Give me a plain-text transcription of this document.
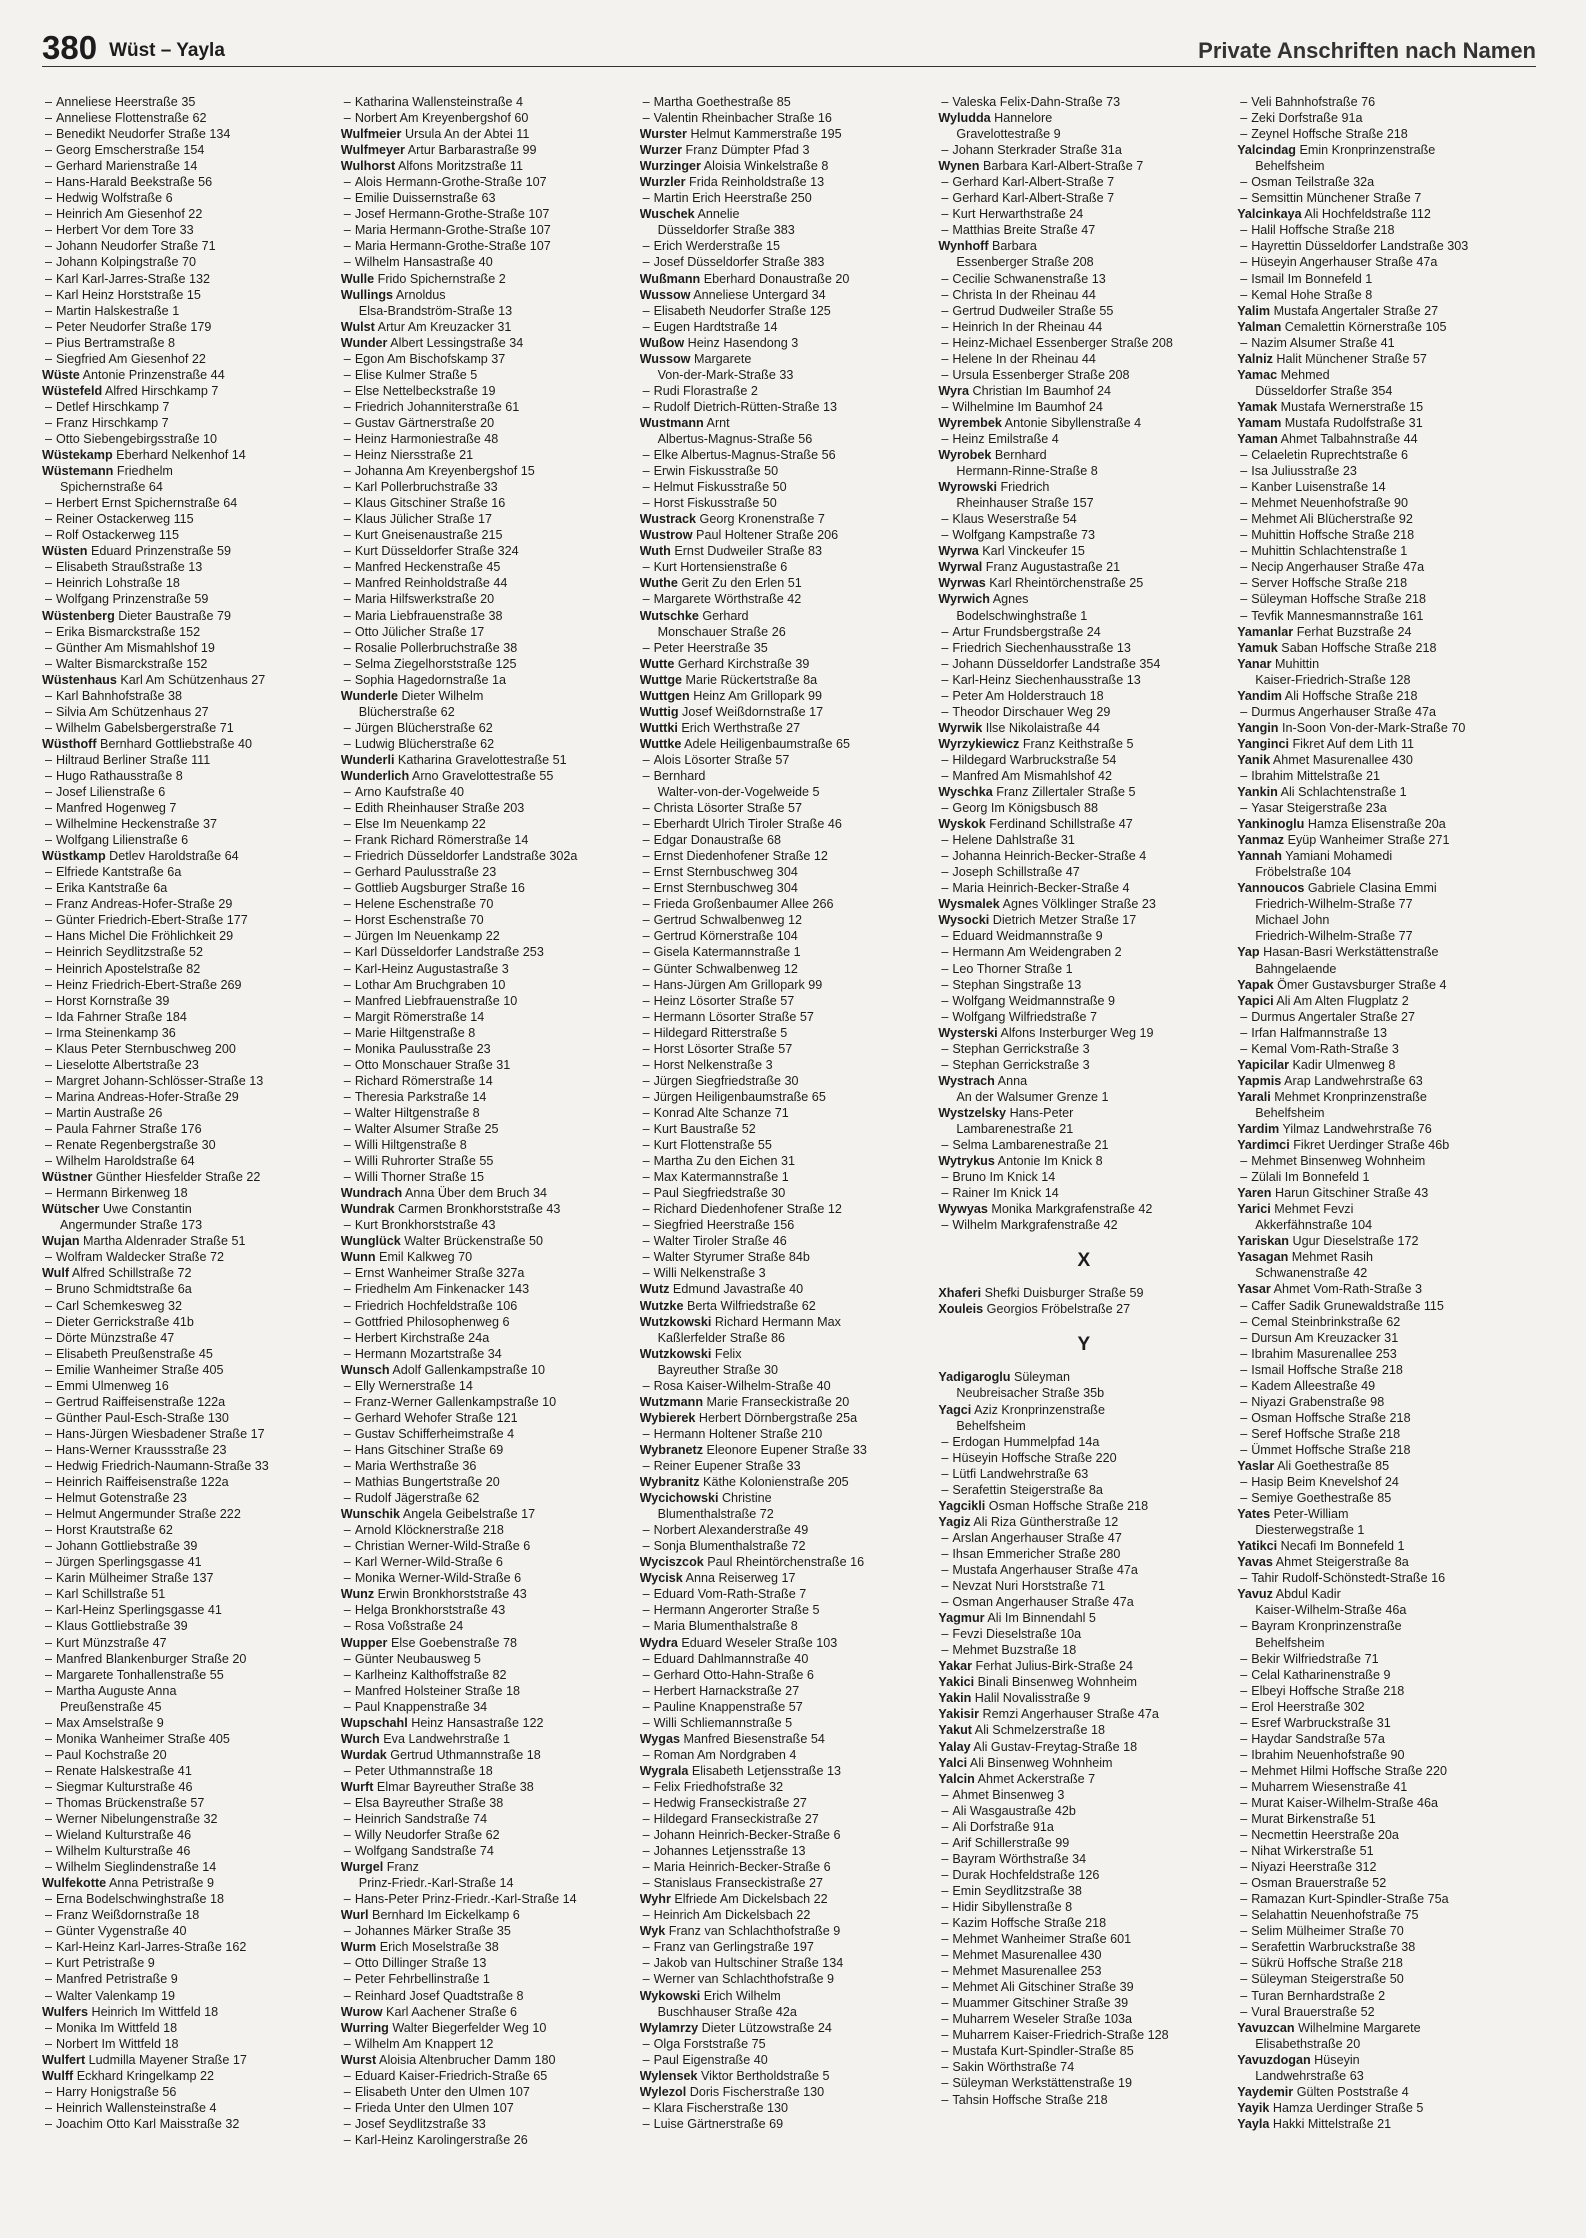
380 Wüst – Yayla	Private Anschriften nach Namen
– Anneliese Heerstraße 35
– Anneliese Flottenstraße 62
– Benedikt Neudorfer Straße 134
– Georg Emscherstraße 154
– Gerhard Marienstraße 14
– Hans-Harald Beekstraße 56
– Hedwig Wolfstraße 6
– Heinrich Am Giesenhof 22
– Herbert Vor dem Tore 33
– Johann Neudorfer Straße 71
– Johann Kolpingstraße 70
– Karl Karl-Jarres-Straße 132
– Karl Heinz Horststraße 15
– Martin Halskestraße 1
– Peter Neudorfer Straße 179
– Pius Bertramstraße 8
– Siegfried Am Giesenhof 22
Wüste Antonie Prinzenstraße 44
Wüstefeld Alfred Hirschkamp 7
– Detlef Hirschkamp 7
– Franz Hirschkamp 7
– Otto Siebengebirgsstraße 10
Wüstekamp Eberhard Nelkenhof 14
Wüstemann Friedhelm
Spichernstraße 64
– Herbert Ernst Spichernstraße 64
– Reiner Ostackerweg 115
– Rolf Ostackerweg 115
Wüsten Eduard Prinzenstraße 59
– Elisabeth Straußstraße 13
– Heinrich Lohstraße 18
– Wolfgang Prinzenstraße 59
Wüstenberg Dieter Baustraße 79
– Erika Bismarckstraße 152
– Günther Am Mismahlshof 19
– Walter Bismarckstraße 152
Wüstenhaus Karl Am Schützenhaus 27
– Karl Bahnhofstraße 38
– Silvia Am Schützenhaus 27
– Wilhelm Gabelsbergerstraße 71
Wüsthoff Bernhard Gottliebstraße 40
– Hiltraud Berliner Straße 111
– Hugo Rathausstraße 8
– Josef Lilienstraße 6
– Manfred Hogenweg 7
– Wilhelmine Heckenstraße 37
– Wolfgang Lilienstraße 6
Wüstkamp Detlev Haroldstraße 64
– Elfriede Kantstraße 6a
– Erika Kantstraße 6a
– Franz Andreas-Hofer-Straße 29
– Günter Friedrich-Ebert-Straße 177
– Hans Michel Die Fröhlichkeit 29
– Heinrich Seydlitzstraße 52
– Heinrich Apostelstraße 82
– Heinz Friedrich-Ebert-Straße 269
– Horst Kornstraße 39
– Ida Fahrner Straße 184
– Irma Steinenkamp 36
– Klaus Peter Sternbuschweg 200
– Lieselotte Albertstraße 23
– Margret Johann-Schlösser-Straße 13
– Marina Andreas-Hofer-Straße 29
– Martin Austraße 26
– Paula Fahrner Straße 176
– Renate Regenbergstraße 30
– Wilhelm Haroldstraße 64
Wüstner Günther Hiesfelder Straße 22
– Hermann Birkenweg 18
Wütscher Uwe Constantin
Angermunder Straße 173
Wujan Martha Aldenrader Straße 51
– Wolfram Waldecker Straße 72
Wulf Alfred Schillstraße 72
– Bruno Schmidtstraße 6a
– Carl Schemkesweg 32
– Dieter Gerrickstraße 41b
– Dörte Münzstraße 47
– Elisabeth Preußenstraße 45
– Emilie Wanheimer Straße 405
– Emmi Ulmenweg 16
– Gertrud Raiffeisenstraße 122a
– Günther Paul-Esch-Straße 130
– Hans-Jürgen Wiesbadener Straße 17
– Hans-Werner Kraussstraße 23
– Hedwig Friedrich-Naumann-Straße 33
– Heinrich Raiffeisenstraße 122a
– Helmut Gotenstraße 23
– Helmut Angermunder Straße 222
– Horst Krautstraße 62
– Johann Gottliebstraße 39
– Jürgen Sperlingsgasse 41
– Karin Mülheimer Straße 137
– Karl Schillstraße 51
– Karl-Heinz Sperlingsgasse 41
– Klaus Gottliebstraße 39
– Kurt Münzstraße 47
– Manfred Blankenburger Straße 20
– Margarete Tonhallenstraße 55
– Martha Auguste Anna
Preußenstraße 45
– Max Amselstraße 9
– Monika Wanheimer Straße 405
– Paul Kochstraße 20
– Renate Halskestraße 41
– Siegmar Kulturstraße 46
– Thomas Brückenstraße 57
– Werner Nibelungenstraße 32
– Wieland Kulturstraße 46
– Wilhelm Kulturstraße 46
– Wilhelm Sieglindenstraße 14
Wulfekotte Anna Petristraße 9
– Erna Bodelschwinghstraße 18
– Franz Weißdornstraße 18
– Günter Vygenstraße 40
– Karl-Heinz Karl-Jarres-Straße 162
– Kurt Petristraße 9
– Manfred Petristraße 9
– Walter Valenkamp 19
Wulfers Heinrich Im Wittfeld 18
– Monika Im Wittfeld 18
– Norbert Im Wittfeld 18
Wulfert Ludmilla Mayener Straße 17
Wulff Eckhard Kringelkamp 22
– Harry Honigstraße 56
– Heinrich Wallensteinstraße 4
– Joachim Otto Karl Maisstraße 32
– Katharina Wallensteinstraße 4
– Norbert Am Kreyenbergshof 60
Wulfmeier Ursula An der Abtei 11
Wulfmeyer Artur Barbarastraße 99
Wulhorst Alfons Moritzstraße 11
– Alois Hermann-Grothe-Straße 107
– Emilie Duissernstraße 63
– Josef Hermann-Grothe-Straße 107
– Maria Hermann-Grothe-Straße 107
– Maria Hermann-Grothe-Straße 107
– Wilhelm Hansastraße 40
Wulle Frido Spichernstraße 2
Wullings Arnoldus
Elsa-Brandström-Straße 13
Wulst Artur Am Kreuzacker 31
Wunder Albert Lessingstraße 34
– Egon Am Bischofskamp 37
– Elise Kulmer Straße 5
– Else Nettelbeckstraße 19
– Friedrich Johanniterstraße 61
– Gustav Gärtnerstraße 20
– Heinz Harmoniestraße 48
– Heinz Niersstraße 21
– Johanna Am Kreyenbergshof 15
– Karl Pollerbruchstraße 33
– Klaus Gitschiner Straße 16
– Klaus Jülicher Straße 17
– Kurt Gneisenaustraße 215
– Kurt Düsseldorfer Straße 324
– Manfred Heckenstraße 45
– Manfred Reinholdstraße 44
– Maria Hilfswerkstraße 20
– Maria Liebfrauenstraße 38
– Otto Jülicher Straße 17
– Rosalie Pollerbruchstraße 38
– Selma Ziegelhorststraße 125
– Sophia Hagedornstraße 1a
Wunderle Dieter Wilhelm
Blücherstraße 62
– Jürgen Blücherstraße 62
– Ludwig Blücherstraße 62
Wunderli Katharina Gravelottestraße 51
Wunderlich Arno Gravelottestraße 55
– Arno Kaufstraße 40
– Edith Rheinhauser Straße 203
– Else Im Neuenkamp 22
– Frank Richard Römerstraße 14
– Friedrich Düsseldorfer Landstraße 302a
– Gerhard Paulusstraße 23
– Gottlieb Augsburger Straße 16
– Helene Eschenstraße 70
– Horst Eschenstraße 70
– Jürgen Im Neuenkamp 22
– Karl Düsseldorfer Landstraße 253
– Karl-Heinz Augustastraße 3
– Lothar Am Bruchgraben 10
– Manfred Liebfrauenstraße 10
– Margit Römerstraße 14
– Marie Hiltgenstraße 8
– Monika Paulusstraße 23
– Otto Monschauer Straße 31
– Richard Römerstraße 14
– Theresia Parkstraße 14
– Walter Hiltgenstraße 8
– Walter Alsumer Straße 25
– Willi Hiltgenstraße 8
– Willi Ruhrorter Straße 55
– Willi Thorner Straße 15
Wundrach Anna Über dem Bruch 34
Wundrak Carmen Bronkhorststraße 43
– Kurt Bronkhorststraße 43
Wunglück Walter Brückenstraße 50
Wunn Emil Kalkweg 70
– Ernst Wanheimer Straße 327a
– Friedhelm Am Finkenacker 143
– Friedrich Hochfeldstraße 106
– Gottfried Philosophenweg 6
– Herbert Kirchstraße 24a
– Hermann Mozartstraße 34
Wunsch Adolf Gallenkampstraße 10
– Elly Wernerstraße 14
– Franz-Werner Gallenkampstraße 10
– Gerhard Wehofer Straße 121
– Gustav Schifferheimstraße 4
– Hans Gitschiner Straße 69
– Maria Werthstraße 36
– Mathias Bungertstraße 20
– Rudolf Jägerstraße 62
Wunschik Angela Geibelstraße 17
– Arnold Klöcknerstraße 218
– Christian Werner-Wild-Straße 6
– Karl Werner-Wild-Straße 6
– Monika Werner-Wild-Straße 6
Wunz Erwin Bronkhorststraße 43
– Helga Bronkhorststraße 43
– Rosa Voßstraße 24
Wupper Else Goebenstraße 78
– Günter Neubausweg 5
– Karlheinz Kalthoffstraße 82
– Manfred Holsteiner Straße 18
– Paul Knappenstraße 34
Wupschahl Heinz Hansastraße 122
Wurch Eva Landwehrstraße 1
Wurdak Gertrud Uthmannstraße 18
– Peter Uthmannstraße 18
Wurft Elmar Bayreuther Straße 38
– Elsa Bayreuther Straße 38
– Heinrich Sandstraße 74
– Willy Neudorfer Straße 62
– Wolfgang Sandstraße 74
Wurgel Franz
Prinz-Friedr.-Karl-Straße 14
– Hans-Peter Prinz-Friedr.-Karl-Straße 14
Wurl Bernhard Im Eickelkamp 6
– Johannes Märker Straße 35
Wurm Erich Moselstraße 38
– Otto Dillinger Straße 13
– Peter Fehrbellinstraße 1
– Reinhard Josef Quadtstraße 8
Wurow Karl Aachener Straße 6
Wurring Walter Biegerfelder Weg 10
– Wilhelm Am Knappert 12
Wurst Aloisia Altenbrucher Damm 180
– Eduard Kaiser-Friedrich-Straße 65
– Elisabeth Unter den Ulmen 107
– Frieda Unter den Ulmen 107
– Josef Seydlitzstraße 33
– Karl-Heinz Karolingerstraße 26
– Martha Goethestraße 85
– Valentin Rheinbacher Straße 16
Wurster Helmut Kammerstraße 195
Wurzer Franz Dümpter Pfad 3
Wurzinger Aloisia Winkelstraße 8
Wurzler Frida Reinholdstraße 13
– Martin Erich Heerstraße 250
Wuschek Annelie
Düsseldorfer Straße 383
– Erich Werderstraße 15
– Josef Düsseldorfer Straße 383
Wußmann Eberhard Donaustraße 20
Wussow Anneliese Untergard 34
– Elisabeth Neudorfer Straße 125
– Eugen Hardtstraße 14
Wußow Heinz Hasendong 3
Wussow Margarete
Von-der-Mark-Straße 33
– Rudi Florastraße 2
– Rudolf Dietrich-Rütten-Straße 13
Wustmann Arnt
Albertus-Magnus-Straße 56
– Elke Albertus-Magnus-Straße 56
– Erwin Fiskusstraße 50
– Helmut Fiskusstraße 50
– Horst Fiskusstraße 50
Wustrack Georg Kronenstraße 7
Wustrow Paul Holtener Straße 206
Wuth Ernst Dudweiler Straße 83
– Kurt Hortensienstraße 6
Wuthe Gerit Zu den Erlen 51
– Margarete Wörthstraße 42
Wutschke Gerhard
Monschauer Straße 26
– Peter Heerstraße 35
Wutte Gerhard Kirchstraße 39
Wuttge Marie Rückertstraße 8a
Wuttgen Heinz Am Grillopark 99
Wuttig Josef Weißdornstraße 17
Wuttki Erich Werthstraße 27
Wuttke Adele Heiligenbaumstraße 65
– Alois Lösorter Straße 57
– Bernhard
Walter-von-der-Vogelweide 5
– Christa Lösorter Straße 57
– Eberhardt Ulrich Tiroler Straße 46
– Edgar Donaustraße 68
– Ernst Diedenhofener Straße 12
– Ernst Sternbuschweg 304
– Ernst Sternbuschweg 304
– Frieda Großenbaumer Allee 266
– Gertrud Schwalbenweg 12
– Gertrud Körnerstraße 104
– Gisela Katermannstraße 1
– Günter Schwalbenweg 12
– Hans-Jürgen Am Grillopark 99
– Heinz Lösorter Straße 57
– Hermann Lösorter Straße 57
– Hildegard Ritterstraße 5
– Horst Lösorter Straße 57
– Horst Nelkenstraße 3
– Jürgen Siegfriedstraße 30
– Jürgen Heiligenbaumstraße 65
– Konrad Alte Schanze 71
– Kurt Baustraße 52
– Kurt Flottenstraße 55
– Martha Zu den Eichen 31
– Max Katermannstraße 1
– Paul Siegfriedstraße 30
– Richard Diedenhofener Straße 12
– Siegfried Heerstraße 156
– Walter Tiroler Straße 46
– Walter Styrumer Straße 84b
– Willi Nelkenstraße 3
Wutz Edmund Javastraße 40
Wutzke Berta Wilfriedstraße 62
Wutzkowski Richard Hermann Max
Kaßlerfelder Straße 86
Wutzkowski Felix
Bayreuther Straße 30
– Rosa Kaiser-Wilhelm-Straße 40
Wutzmann Marie Franseckistraße 20
Wybierek Herbert Dörnbergstraße 25a
– Hermann Holtener Straße 210
Wybranetz Eleonore Eupener Straße 33
– Reiner Eupener Straße 33
Wybranitz Käthe Kolonienstraße 205
Wycichowski Christine
Blumenthalstraße 72
– Norbert Alexanderstraße 49
– Sonja Blumenthalstraße 72
Wyciszcok Paul Rheintörchenstraße 16
Wycisk Anna Reiserweg 17
– Eduard Vom-Rath-Straße 7
– Hermann Angerorter Straße 5
– Maria Blumenthalstraße 8
Wydra Eduard Weseler Straße 103
– Eduard Dahlmannstraße 40
– Gerhard Otto-Hahn-Straße 6
– Herbert Harnackstraße 27
– Pauline Knappenstraße 57
– Willi Schliemannstraße 5
Wygas Manfred Biesenstraße 54
– Roman Am Nordgraben 4
Wygrala Elisabeth Letjensstraße 13
– Felix Friedhofstraße 32
– Hedwig Franseckistraße 27
– Hildegard Franseckistraße 27
– Johann Heinrich-Becker-Straße 6
– Johannes Letjensstraße 13
– Maria Heinrich-Becker-Straße 6
– Stanislaus Franseckistraße 27
Wyhr Elfriede Am Dickelsbach 22
– Heinrich Am Dickelsbach 22
Wyk Franz van Schlachthofstraße 9
– Franz van Gerlingstraße 197
– Jakob van Hultschiner Straße 134
– Werner van Schlachthofstraße 9
Wykowski Erich Wilhelm
Buschhauser Straße 42a
Wylamrzy Dieter Lützowstraße 24
– Olga Forststraße 75
– Paul Eigenstraße 40
Wylensek Viktor Bertholdstraße 5
Wylezol Doris Fischerstraße 130
– Klara Fischerstraße 130
– Luise Gärtnerstraße 69
– Valeska Felix-Dahn-Straße 73
Wyludda Hannelore
Gravelottestraße 9
– Johann Sterkrader Straße 31a
Wynen Barbara Karl-Albert-Straße 7
– Gerhard Karl-Albert-Straße 7
– Gerhard Karl-Albert-Straße 7
– Kurt Herwarthstraße 24
– Matthias Breite Straße 47
Wynhoff Barbara
Essenberger Straße 208
– Cecilie Schwanenstraße 13
– Christa In der Rheinau 44
– Gertrud Dudweiler Straße 55
– Heinrich In der Rheinau 44
– Heinz-Michael Essenberger Straße 208
– Helene In der Rheinau 44
– Ursula Essenberger Straße 208
Wyra Christian Im Baumhof 24
– Wilhelmine Im Baumhof 24
Wyrembek Antonie Sibyllenstraße 4
– Heinz Emilstraße 4
Wyrobek Bernhard
Hermann-Rinne-Straße 8
Wyrowski Friedrich
Rheinhauser Straße 157
– Klaus Weserstraße 54
– Wolfgang Kampstraße 73
Wyrwa Karl Vinckeufer 15
Wyrwal Franz Augustastraße 21
Wyrwas Karl Rheintörchenstraße 25
Wyrwich Agnes
Bodelschwinghstraße 1
– Artur Frundsbergstraße 24
– Friedrich Siechenhausstraße 13
– Johann Düsseldorfer Landstraße 354
– Karl-Heinz Siechenhausstraße 13
– Peter Am Holderstrauch 18
– Theodor Dirschauer Weg 29
Wyrwik Ilse Nikolaistraße 44
Wyrzykiewicz Franz Keithstraße 5
– Hildegard Warbruckstraße 54
– Manfred Am Mismahlshof 42
Wyschka Franz Zillertaler Straße 5
– Georg Im Königsbusch 88
Wyskok Ferdinand Schillstraße 47
– Helene Dahlstraße 31
– Johanna Heinrich-Becker-Straße 4
– Joseph Schillstraße 47
– Maria Heinrich-Becker-Straße 4
Wysmalek Agnes Völklinger Straße 23
Wysocki Dietrich Metzer Straße 17
– Eduard Weidmannstraße 9
– Hermann Am Weidengraben 2
– Leo Thorner Straße 1
– Stephan Singstraße 13
– Wolfgang Weidmannstraße 9
– Wolfgang Wilfriedstraße 7
Wysterski Alfons Insterburger Weg 19
– Stephan Gerrickstraße 3
– Stephan Gerrickstraße 3
Wystrach Anna
An der Walsumer Grenze 1
Wystzelsky Hans-Peter
Lambarenestraße 21
– Selma Lambarenestraße 21
Wytrykus Antonie Im Knick 8
– Bruno Im Knick 14
– Rainer Im Knick 14
Wywyas Monika Markgrafenstraße 42
– Wilhelm Markgrafenstraße 42
X
Xhaferi Shefki Duisburger Straße 59
Xouleis Georgios Fröbelstraße 27
Y
Yadigaroglu Süleyman
Neubreisacher Straße 35b
Yagci Aziz Kronprinzenstraße
Behelfsheim
– Erdogan Hummelpfad 14a
– Hüseyin Hoffsche Straße 220
– Lütfi Landwehrstraße 63
– Serafettin Steigerstraße 8a
Yagcikli Osman Hoffsche Straße 218
Yagiz Ali Riza Güntherstraße 12
– Arslan Angerhauser Straße 47
– Ihsan Emmericher Straße 280
– Mustafa Angerhauser Straße 47a
– Nevzat Nuri Horststraße 71
– Osman Angerhauser Straße 47a
Yagmur Ali Im Binnendahl 5
– Fevzi Dieselstraße 10a
– Mehmet Buzstraße 18
Yakar Ferhat Julius-Birk-Straße 24
Yakici Binali Binsenweg Wohnheim
Yakin Halil Novalisstraße 9
Yakisir Remzi Angerhauser Straße 47a
Yakut Ali Schmelzerstraße 18
Yalay Ali Gustav-Freytag-Straße 18
Yalci Ali Binsenweg Wohnheim
Yalcin Ahmet Ackerstraße 7
– Ahmet Binsenweg 3
– Ali Wasgaustraße 42b
– Ali Dorfstraße 91a
– Arif Schillerstraße 99
– Bayram Wörthstraße 34
– Durak Hochfeldstraße 126
– Emin Seydlitzstraße 38
– Hidir Sibyllenstraße 8
– Kazim Hoffsche Straße 218
– Mehmet Wanheimer Straße 601
– Mehmet Masurenallee 430
– Mehmet Masurenallee 253
– Mehmet Ali Gitschiner Straße 39
– Muammer Gitschiner Straße 39
– Muharrem Weseler Straße 103a
– Muharrem Kaiser-Friedrich-Straße 128
– Mustafa Kurt-Spindler-Straße 85
– Sakin Wörthstraße 74
– Süleyman Werkstättenstraße 19
– Tahsin Hoffsche Straße 218
– Veli Bahnhofstraße 76
– Zeki Dorfstraße 91a
– Zeynel Hoffsche Straße 218
Yalcindag Emin Kronprinzenstraße
Behelfsheim
– Osman Teilstraße 32a
– Semsittin Münchener Straße 7
Yalcinkaya Ali Hochfeldstraße 112
– Halil Hoffsche Straße 218
– Hayrettin Düsseldorfer Landstraße 303
– Hüseyin Angerhauser Straße 47a
– Ismail Im Bonnefeld 1
– Kemal Hohe Straße 8
Yalim Mustafa Angertaler Straße 27
Yalman Cemalettin Körnerstraße 105
– Nazim Alsumer Straße 41
Yalniz Halit Münchener Straße 57
Yamac Mehmed
Düsseldorfer Straße 354
Yamak Mustafa Wernerstraße 15
Yamam Mustafa Rudolfstraße 31
Yaman Ahmet Talbahnstraße 44
– Celaeletin Ruprechtstraße 6
– Isa Juliusstraße 23
– Kanber Luisenstraße 14
– Mehmet Neuenhofstraße 90
– Mehmet Ali Blücherstraße 92
– Muhittin Hoffsche Straße 218
– Muhittin Schlachtenstraße 1
– Necip Angerhauser Straße 47a
– Server Hoffsche Straße 218
– Süleyman Hoffsche Straße 218
– Tevfik Mannesmannstraße 161
Yamanlar Ferhat Buzstraße 24
Yamuk Saban Hoffsche Straße 218
Yanar Muhittin
Kaiser-Friedrich-Straße 128
Yandim Ali Hoffsche Straße 218
– Durmus Angerhauser Straße 47a
Yangin In-Soon Von-der-Mark-Straße 70
Yanginci Fikret Auf dem Lith 11
Yanik Ahmet Masurenallee 430
– Ibrahim Mittelstraße 21
Yankin Ali Schlachtenstraße 1
– Yasar Steigerstraße 23a
Yankinoglu Hamza Elisenstraße 20a
Yanmaz Eyüp Wanheimer Straße 271
Yannah Yamiani Mohamedi
Fröbelstraße 104
Yannoucos Gabriele Clasina Emmi
Friedrich-Wilhelm-Straße 77
Michael John
Friedrich-Wilhelm-Straße 77
Yap Hasan-Basri Werkstättenstraße
Bahngelaende
Yapak Ömer Gustavsburger Straße 4
Yapici Ali Am Alten Flugplatz 2
– Durmus Angertaler Straße 27
– Irfan Halfmannstraße 13
– Kemal Vom-Rath-Straße 3
Yapicilar Kadir Ulmenweg 8
Yapmis Arap Landwehrstraße 63
Yarali Mehmet Kronprinzenstraße
Behelfsheim
Yardim Yilmaz Landwehrstraße 76
Yardimci Fikret Uerdinger Straße 46b
– Mehmet Binsenweg Wohnheim
– Zülali Im Bonnefeld 1
Yaren Harun Gitschiner Straße 43
Yarici Mehmet Fevzi
Akkerfähnstraße 104
Yariskan Ugur Dieselstraße 172
Yasagan Mehmet Rasih
Schwanenstraße 42
Yasar Ahmet Vom-Rath-Straße 3
– Caffer Sadik Grunewaldstraße 115
– Cemal Steinbrinkstraße 62
– Dursun Am Kreuzacker 31
– Ibrahim Masurenallee 253
– Ismail Hoffsche Straße 218
– Kadem Alleestraße 49
– Niyazi Grabenstraße 98
– Osman Hoffsche Straße 218
– Seref Hoffsche Straße 218
– Ümmet Hoffsche Straße 218
Yaslar Ali Goethestraße 85
– Hasip Beim Knevelshof 24
– Semiye Goethestraße 85
Yates Peter-William
Diesterwegstraße 1
Yatikci Necafi Im Bonnefeld 1
Yavas Ahmet Steigerstraße 8a
– Tahir Rudolf-Schönstedt-Straße 16
Yavuz Abdul Kadir
Kaiser-Wilhelm-Straße 46a
– Bayram Kronprinzenstraße
Behelfsheim
– Bekir Wilfriedstraße 71
– Celal Katharinenstraße 9
– Elbeyi Hoffsche Straße 218
– Erol Heerstraße 302
– Esref Warbruckstraße 31
– Haydar Sandstraße 57a
– Ibrahim Neuenhofstraße 90
– Mehmet Hilmi Hoffsche Straße 220
– Muharrem Wiesenstraße 41
– Murat Kaiser-Wilhelm-Straße 46a
– Murat Birkenstraße 51
– Necmettin Heerstraße 20a
– Nihat Wirkerstraße 51
– Niyazi Heerstraße 312
– Osman Brauerstraße 52
– Ramazan Kurt-Spindler-Straße 75a
– Selahattin Neuenhofstraße 75
– Selim Mülheimer Straße 70
– Serafettin Warbruckstraße 38
– Sükrü Hoffsche Straße 218
– Süleyman Steigerstraße 50
– Turan Bernhardstraße 2
– Vural Brauerstraße 52
Yavuzcan Wilhelmine Margarete
Elisabethstraße 20
Yavuzdogan Hüseyin
Landwehrstraße 63
Yaydemir Gülten Poststraße 4
Yayik Hamza Uerdinger Straße 5
Yayla Hakki Mittelstraße 21
